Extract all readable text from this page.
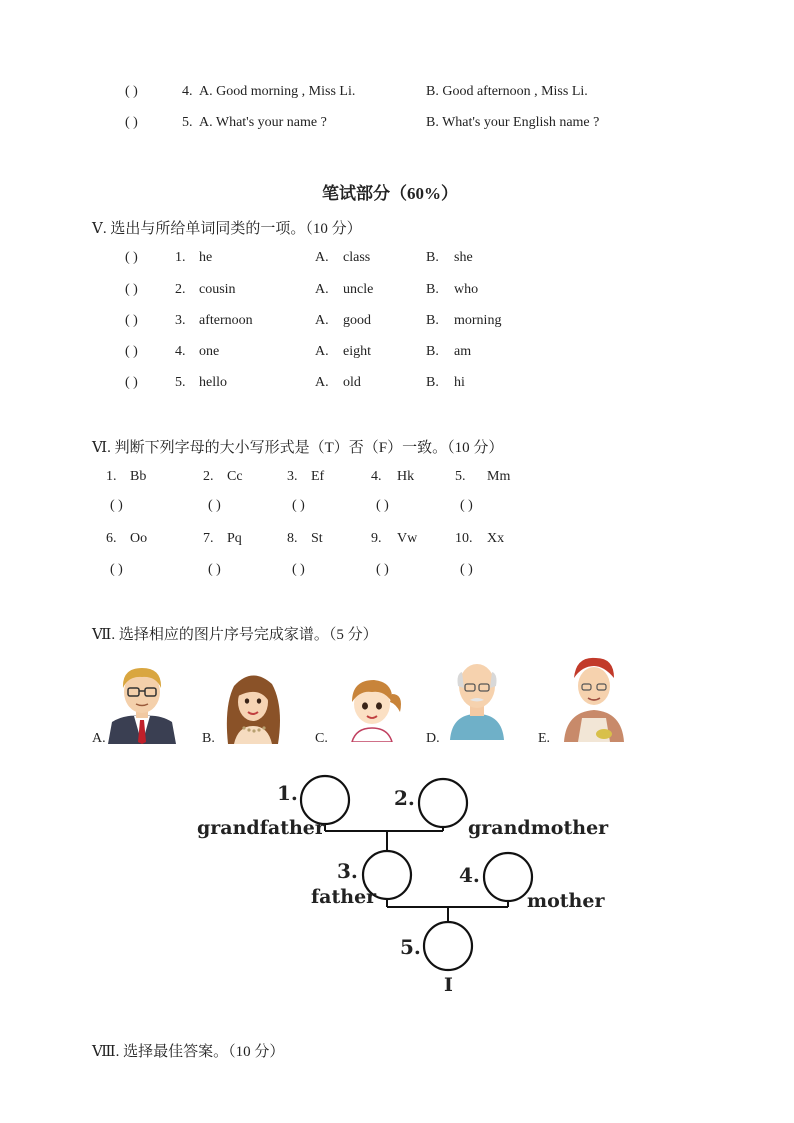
( )	4. A. Good morning , Miss Li.	B. Good afternoon , Miss Li.
( )	5. A. What's your name ?	B. What's your English name ?
笔试部分（60%）
Ⅴ. 选出与所给单词同类的一项。（10 分）
( )	1. he	A. class	B. she
( )	2. cousin	A. uncle	B. who
( )	3. afternoon	A. good	B. morning
( )	4. one	A. eight	B. am
( )	5. hello	A. old	B. hi
Ⅵ. 判断下列字母的大小写形式是（T）否（F）一致。（10 分）
1. Bb
( )
2. Cc
( )
3. Ef
( )
4. Hk
( )
5. Mm
( )
6. Oo
( )
7. Pq
( )
8. St
( )
9. Vw
( )
10. Xx
( )
Ⅶ. 选择相应的图片序号完成家谱。（5 分）
A.	B.	C.	D.	E.
1.	2.
3.	4.
5.
grandfather	grandmother
father	mother
I
Ⅷ. 选择最佳答案。（10 分）
